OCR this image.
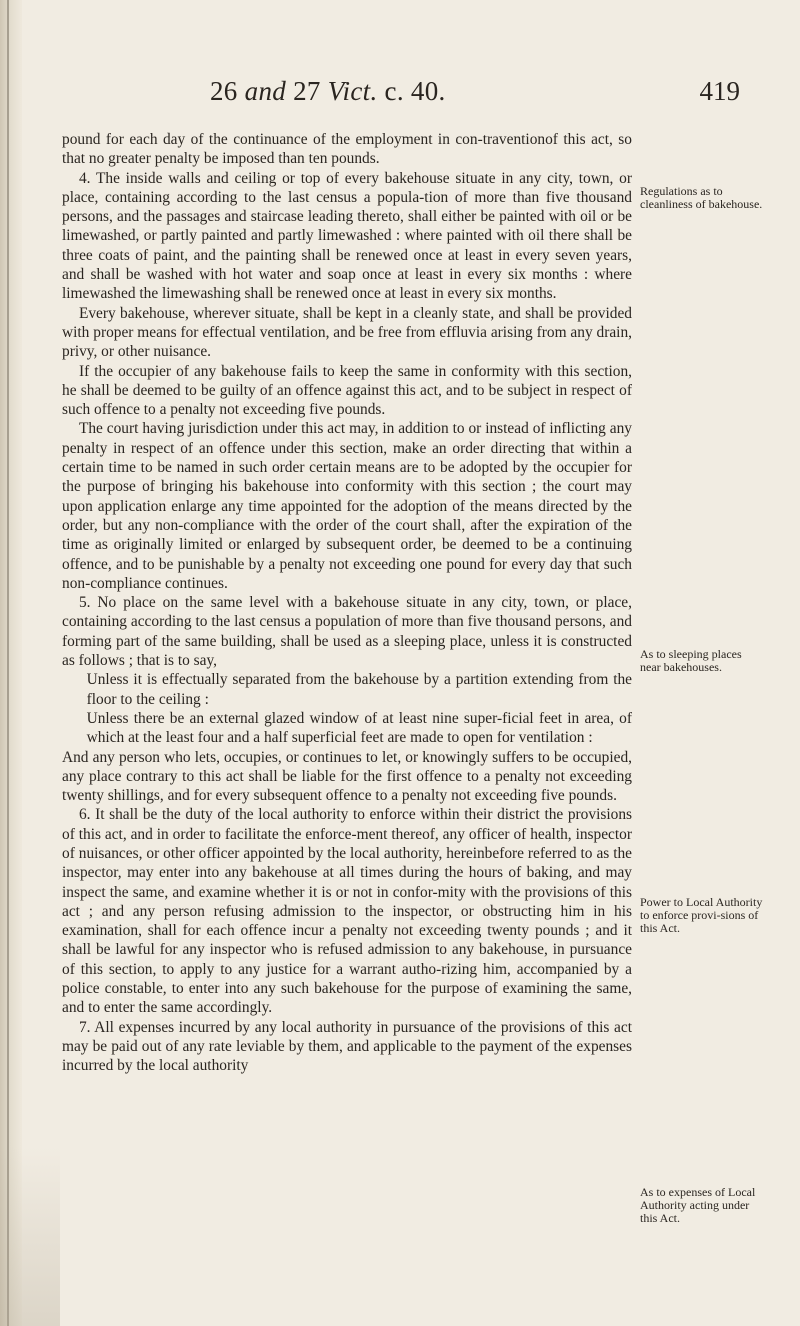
26 and 27 Vict. c. 40.	419

pound for each day of the continuance of the employment in con-traventionof this act, so that no greater penalty be imposed than ten pounds.

4. The inside walls and ceiling or top of every bakehouse situate in any city, town, or place, containing according to the last census a popula-tion of more than five thousand persons, and the passages and staircase leading thereto, shall either be painted with oil or be limewashed, or partly painted and partly limewashed : where painted with oil there shall be three coats of paint, and the painting shall be renewed once at least in every seven years, and shall be washed with hot water and soap once at least in every six months : where limewashed the limewashing shall be renewed once at least in every six months.

Every bakehouse, wherever situate, shall be kept in a cleanly state, and shall be provided with proper means for effectual ventilation, and be free from effluvia arising from any drain, privy, or other nuisance.

If the occupier of any bakehouse fails to keep the same in conformity with this section, he shall be deemed to be guilty of an offence against this act, and to be subject in respect of such offence to a penalty not exceeding five pounds.

The court having jurisdiction under this act may, in addition to or instead of inflicting any penalty in respect of an offence under this section, make an order directing that within a certain time to be named in such order certain means are to be adopted by the occupier for the purpose of bringing his bakehouse into conformity with this section ; the court may upon application enlarge any time appointed for the adoption of the means directed by the order, but any non-compliance with the order of the court shall, after the expiration of the time as originally limited or enlarged by subsequent order, be deemed to be a continuing offence, and to be punishable by a penalty not exceeding one pound for every day that such non-compliance continues.

5. No place on the same level with a bakehouse situate in any city, town, or place, containing according to the last census a population of more than five thousand persons, and forming part of the same building, shall be used as a sleeping place, unless it is constructed as follows ; that is to say,

Unless it is effectually separated from the bakehouse by a partition extending from the floor to the ceiling :

Unless there be an external glazed window of at least nine super-ficial feet in area, of which at the least four and a half superficial feet are made to open for ventilation :

And any person who lets, occupies, or continues to let, or knowingly suffers to be occupied, any place contrary to this act shall be liable for the first offence to a penalty not exceeding twenty shillings, and for every subsequent offence to a penalty not exceeding five pounds.

6. It shall be the duty of the local authority to enforce within their district the provisions of this act, and in order to facilitate the enforce-ment thereof, any officer of health, inspector of nuisances, or other officer appointed by the local authority, hereinbefore referred to as the inspector, may enter into any bakehouse at all times during the hours of baking, and may inspect the same, and examine whether it is or not in confor-mity with the provisions of this act ; and any person refusing admission to the inspector, or obstructing him in his examination, shall for each offence incur a penalty not exceeding twenty pounds ; and it shall be lawful for any inspector who is refused admission to any bakehouse, in pursuance of this section, to apply to any justice for a warrant autho-rizing him, accompanied by a police constable, to enter into any such bakehouse for the purpose of examining the same, and to enter the same accordingly.

7. All expenses incurred by any local authority in pursuance of the provisions of this act may be paid out of any rate leviable by them, and applicable to the payment of the expenses incurred by the local authority

Regulations as to cleanliness of bakehouse.
As to sleeping places near bakehouses.
Power to Local Authority to enforce provi-sions of this Act.
As to expenses of Local Authority acting under this Act.
